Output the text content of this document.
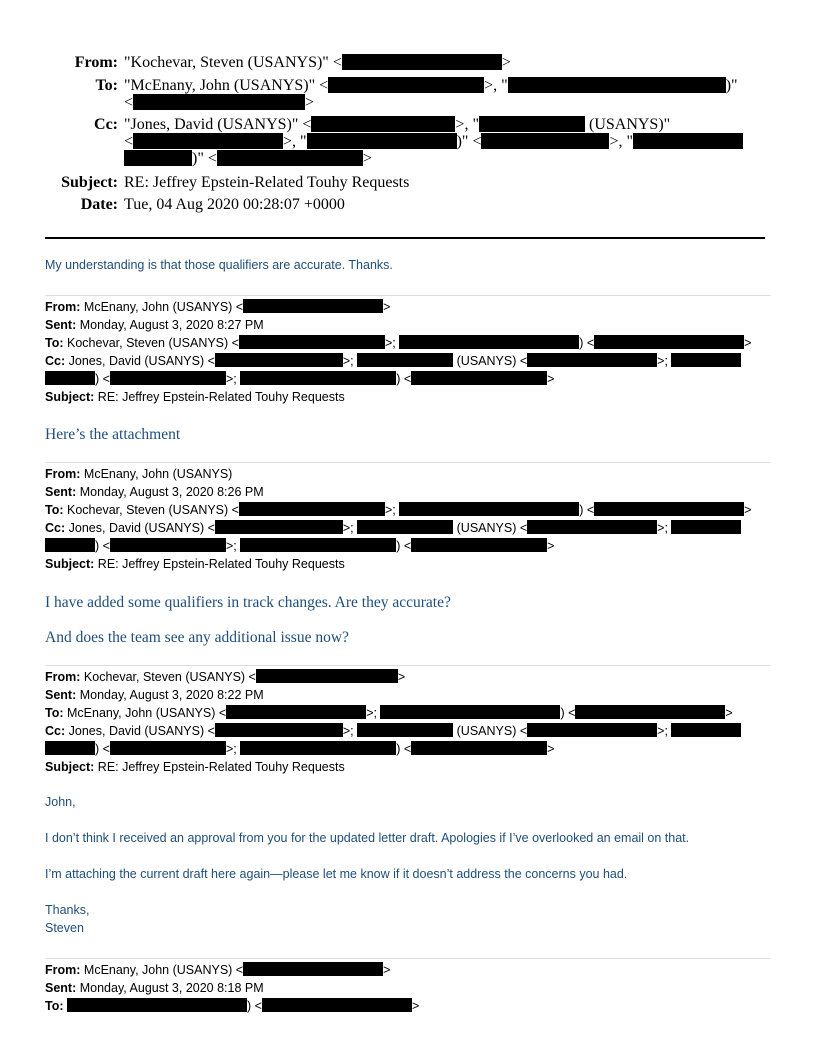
From: "Kochevar, Steven (USANYS)" <	>
To: "McEnany, John (USANYS)" <	>, "	)"
<	>
Cc: "Jones, David (USANYS)" <	>, "	(USANYS)"
<	>, "	)" <	>, "
)" <	>
Subject: RE: Jeffrey Epstein-Related Touhy Requests
Date: Tue, 04 Aug 2020 00:28:07 +0000
My understanding is that those qualifiers are accurate. Thanks.
From: McEnany, John (USANYS) <	>
Sent: Monday, August 3, 2020 8:27 PM
To: Kochevar, Steven (USANYS) <	>;	) <	>
Cc: Jones, David (USANYS) <	>;	(USANYS) <	>;
) <	>;	) <	>
Subject: RE: Jeffrey Epstein-Related Touhy Requests
Here’s the attachment
From: McEnany, John (USANYS)
Sent: Monday, August 3, 2020 8:26 PM
To: Kochevar, Steven (USANYS) <	>;	) <	>
Cc: Jones, David (USANYS) <	>;	(USANYS) <	>;
) <	>;	) <	>
Subject: RE: Jeffrey Epstein-Related Touhy Requests
I have added some qualifiers in track changes. Are they accurate?
And does the team see any additional issue now?
From: Kochevar, Steven (USANYS) <	>
Sent: Monday, August 3, 2020 8:22 PM
To: McEnany, John (USANYS) <	>;	) <	>
Cc: Jones, David (USANYS) <	>;	(USANYS) <	>;
) <	>;	) <	>
Subject: RE: Jeffrey Epstein-Related Touhy Requests
John,
I don’t think I received an approval from you for the updated letter draft. Apologies if I’ve overlooked an email on that.
I’m attaching the current draft here again—please let me know if it doesn’t address the concerns you had.
Thanks,
Steven
From: McEnany, John (USANYS) <	>
Sent: Monday, August 3, 2020 8:18 PM
To:	) <	>
